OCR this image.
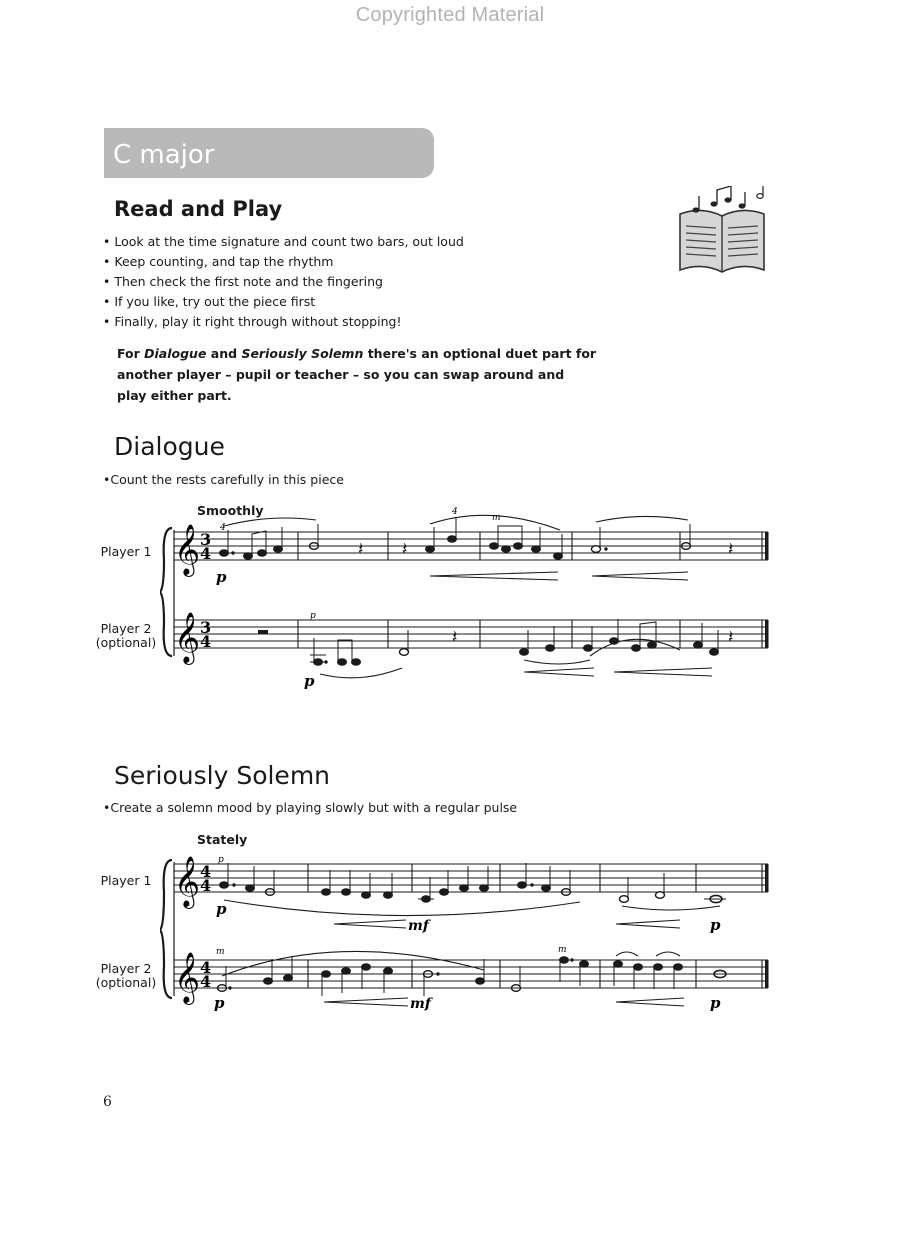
Copyrighted Material
C major
Read and Play
• Look at the time signature and count two bars, out loud
• Keep counting, and tap the rhythm
• Then check the first note and the fingering
• If you like, try out the piece first
• Finally, play it right through without stopping!
For Dialogue and Seriously Solemn there's an optional duet part for another player – pupil or teacher – so you can swap around and play either part.
Dialogue
• Count the rests carefully in this piece
Smoothly
Player 1
Player 2
(optional)
𝄞
𝄞
3
4
3
4
𝄽 𝄽	𝄽
p
4
4
m
𝄽	𝄽
p
p
Seriously Solemn
• Create a solemn mood by playing slowly but with a regular pulse
Stately
Player 1
Player 2
(optional)
𝄞
𝄞
4
4
4
4
p
mf	p
p
p	mf	p
m	m
6
